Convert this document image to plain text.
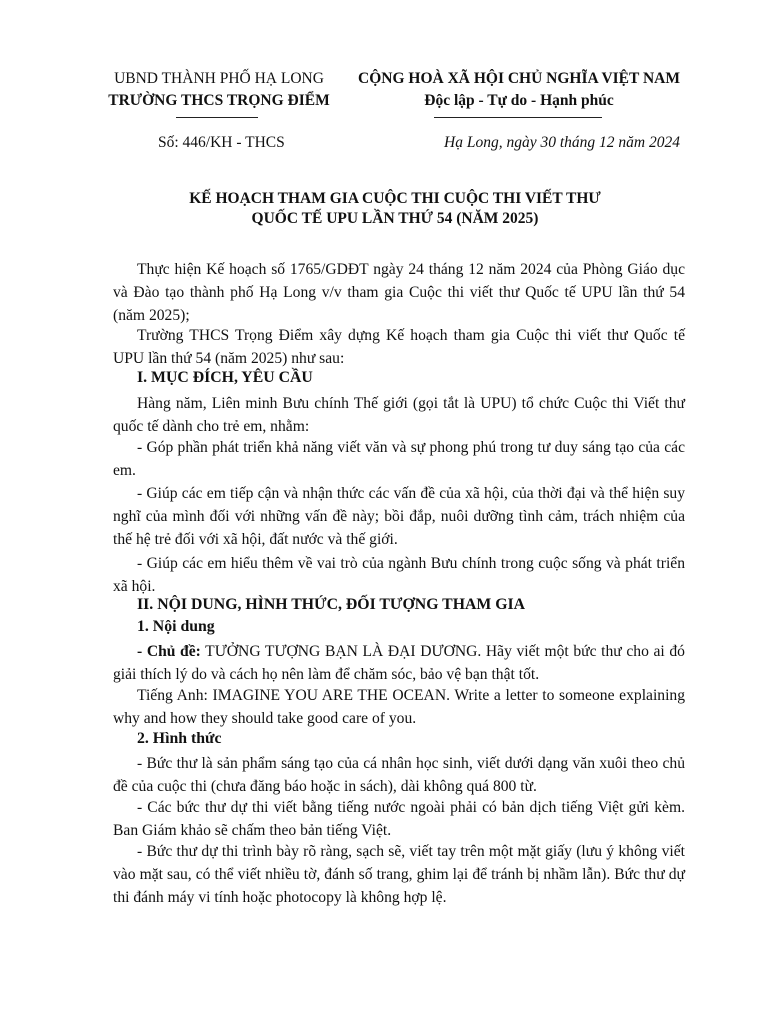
UBND THÀNH PHỐ HẠ LONG
TRƯỜNG THCS TRỌNG ĐIỂM
CỘNG HOÀ XÃ HỘI CHỦ NGHĨA VIỆT NAM
Độc lập - Tự do - Hạnh phúc
Số: 446/KH - THCS	Hạ Long, ngày 30 tháng 12 năm 2024
KẾ HOẠCH THAM GIA CUỘC THI CUỘC THI VIẾT THƯ
QUỐC TẾ UPU LẦN THỨ 54 (NĂM 2025)

Thực hiện Kế hoạch số 1765/GDĐT ngày 24 tháng 12 năm 2024 của Phòng Giáo dục và Đào tạo thành phố Hạ Long v/v tham gia Cuộc thi viết thư Quốc tế UPU lần thứ 54 (năm 2025);

Trường THCS Trọng Điểm xây dựng Kế hoạch tham gia Cuộc thi viết thư Quốc tế UPU lần thứ 54 (năm 2025) như sau:

I. MỤC ĐÍCH, YÊU CẦU

Hàng năm, Liên minh Bưu chính Thế giới (gọi tắt là UPU) tổ chức Cuộc thi Viết thư quốc tế dành cho trẻ em, nhằm:

- Góp phần phát triển khả năng viết văn và sự phong phú trong tư duy sáng tạo của các em.

- Giúp các em tiếp cận và nhận thức các vấn đề của xã hội, của thời đại và thể hiện suy nghĩ của mình đối với những vấn đề này; bồi đắp, nuôi dưỡng tình cảm, trách nhiệm của thế hệ trẻ đối với xã hội, đất nước và thế giới.

- Giúp các em hiểu thêm về vai trò của ngành Bưu chính trong cuộc sống và phát triển xã hội.

II. NỘI DUNG, HÌNH THỨC, ĐỐI TƯỢNG THAM GIA
1. Nội dung

- Chủ đề: TƯỞNG TƯỢNG BẠN LÀ ĐẠI DƯƠNG. Hãy viết một bức thư cho ai đó giải thích lý do và cách họ nên làm để chăm sóc, bảo vệ bạn thật tốt.

Tiếng Anh: IMAGINE YOU ARE THE OCEAN. Write a letter to someone explaining why and how they should take good care of you.

2. Hình thức

- Bức thư là sản phẩm sáng tạo của cá nhân học sinh, viết dưới dạng văn xuôi theo chủ đề của cuộc thi (chưa đăng báo hoặc in sách), dài không quá 800 từ.

- Các bức thư dự thi viết bằng tiếng nước ngoài phải có bản dịch tiếng Việt gửi kèm. Ban Giám khảo sẽ chấm theo bản tiếng Việt.

- Bức thư dự thi trình bày rõ ràng, sạch sẽ, viết tay trên một mặt giấy (lưu ý không viết vào mặt sau, có thể viết nhiều tờ, đánh số trang, ghim lại để tránh bị nhầm lẫn). Bức thư dự thi đánh máy vi tính hoặc photocopy là không hợp lệ.
